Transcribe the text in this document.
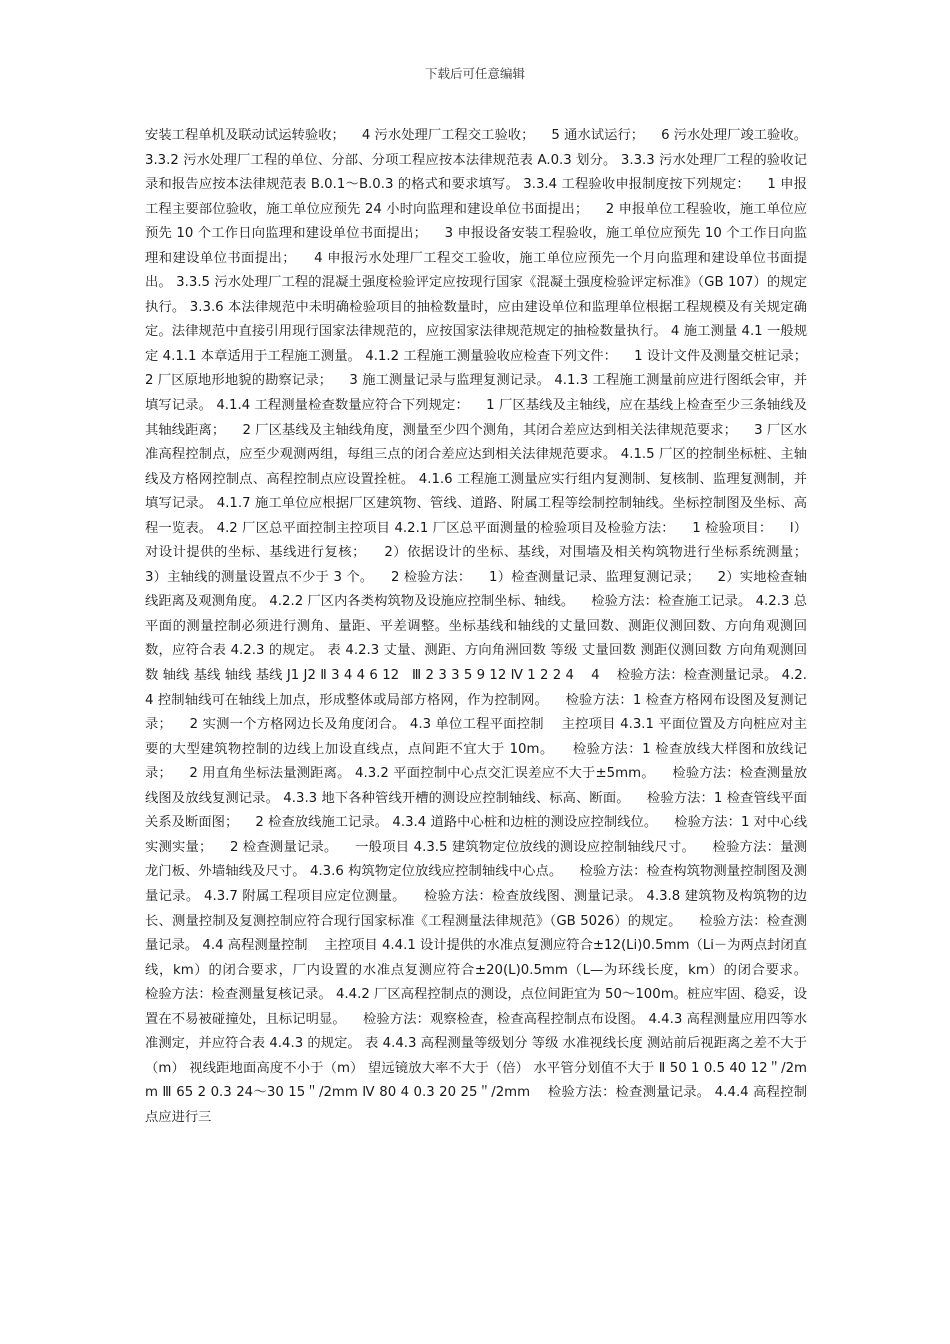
下载后可任意编辑
安装工程单机及联动试运转验收；    4 污水处理厂工程交工验收；    5 通水试运行；    6 污水处理厂竣工验收。 3.3.2 污水处理厂工程的单位、分部、分项工程应按本法律规范表 A.0.3 划分。 3.3.3 污水处理厂工程的验收记录和报告应按本法律规范表 B.0.1～B.0.3 的格式和要求填写。 3.3.4 工程验收申报制度按下列规定：    1 申报工程主要部位验收，施工单位应预先 24 小时向监理和建设单位书面提出；    2 申报单位工程验收，施工单位应预先 10 个工作日向监理和建设单位书面提出；    3 申报设备安装工程验收，施工单位应预先 10 个工作日向监理和建设单位书面提出；    4 申报污水处理厂工程交工验收，施工单位应预先一个月向监理和建设单位书面提出。 3.3.5 污水处理厂工程的混凝土强度检验评定应按现行国家《混凝土强度检验评定标准》（GB 107）的规定执行。 3.3.6 本法律规范中未明确检验项目的抽检数量时，应由建设单位和监理单位根据工程规模及有关规定确定。法律规范中直接引用现行国家法律规范的，应按国家法律规范规定的抽检数量执行。 4 施工测量 4.1 一般规定 4.1.1 本章适用于工程施工测量。 4.1.2 工程施工测量验收应检查下列文件：    1 设计文件及测量交桩记录；    2 厂区原地形地貌的勘察记录；    3 施工测量记录与监理复测记录。 4.1.3 工程施工测量前应进行图纸会审，并填写记录。 4.1.4 工程测量检查数量应符合下列规定：    1 厂区基线及主轴线，应在基线上检查至少三条轴线及其轴线距离；    2 厂区基线及主轴线角度，测量至少四个测角，其闭合差应达到相关法律规范要求；    3 厂区水准高程控制点，应至少观测两组，每组三点的闭合差应达到相关法律规范要求。 4.1.5 厂区的控制坐标桩、主轴线及方格网控制点、高程控制点应设置拴桩。 4.1.6 工程施工测量应实行组内复测制、复核制、监理复测制，并填写记录。 4.1.7 施工单位应根据厂区建筑物、管线、道路、附属工程等绘制控制轴线。坐标控制图及坐标、高程一览表。 4.2 厂区总平面控制主控项目 4.2.1 厂区总平面测量的检验项目及检验方法：    1 检验项目：    l）对设计提供的坐标、基线进行复核；    2）依据设计的坐标、基线，对围墙及相关构筑物进行坐标系统测量；    3）主轴线的测量设置点不少于 3 个。    2 检验方法：    1）检查测量记录、监理复测记录；    2）实地检查轴线距离及观测角度。 4.2.2 厂区内各类构筑物及设施应控制坐标、轴线。    检验方法：检查施工记录。 4.2.3 总平面的测量控制必须进行测角、量距、平差调整。坐标基线和轴线的丈量回数、测距仪测回数、方向角观测回数，应符合表 4.2.3 的规定。 表 4.2.3 丈量、测距、方向角洲回数 等级 丈量回数 测距仪测回数 方向角观测回数 轴线 基线 轴线 基线 J1 J2 Ⅱ 3 4 4 6 12   Ⅲ 2 3 3 5 9 12 Ⅳ 1 2 2 4    4    检验方法：检查测量记录。 4.2.4 控制轴线可在轴线上加点，形成整体或局部方格网，作为控制网。    检验方法：1 检查方格网布设图及复测记录；    2 实测一个方格网边长及角度闭合。 4.3 单位工程平面控制    主控项目 4.3.1 平面位置及方向桩应对主要的大型建筑物控制的边线上加设直线点，点间距不宜大于 10m。    检验方法：1 检查放线大样图和放线记录；    2 用直角坐标法量测距离。 4.3.2 平面控制中心点交汇误差应不大于±5mm。    检验方法：检查测量放线图及放线复测记录。 4.3.3 地下各种管线开槽的测设应控制轴线、标高、断面。    检验方法：1 检查管线平面关系及断面图；    2 检查放线施工记录。 4.3.4 道路中心桩和边桩的测设应控制线位。    检验方法：1 对中心线实测实量；    2 检查测量记录。    一般项目 4.3.5 建筑物定位放线的测设应控制轴线尺寸。    检验方法：量测龙门板、外墙轴线及尺寸。 4.3.6 构筑物定位放线应控制轴线中心点。    检验方法：检查构筑物测量控制图及测量记录。 4.3.7 附属工程项目应定位测量。    检验方法：检查放线图、测量记录。 4.3.8 建筑物及构筑物的边长、测量控制及复测控制应符合现行国家标准《工程测量法律规范》（GB 5026）的规定。    检验方法：检查测量记录。 4.4 高程测量控制    主控项目 4.4.1 设计提供的水准点复测应符合±12(Li)0.5mm（Li－为两点封闭直线，km）的闭合要求，厂内设置的水准点复测应符合±20(L)0.5mm（L—为环线长度，km）的闭合要求。    检验方法：检查测量复核记录。 4.4.2 厂区高程控制点的测设，点位间距宜为 50～100m。桩应牢固、稳妥，设置在不易被碰撞处，且标记明显。    检验方法：观察检查，检查高程控制点布设图。 4.4.3 高程测量应用四等水准测定，并应符合表 4.4.3 的规定。 表 4.4.3 高程测量等级划分 等级 水准视线长度 测站前后视距离之差不大于（m） 视线距地面高度不小于（m） 望远镜放大率不大于（倍） 水平管分划值不大于 Ⅱ 50 1 0.5 40 12＂/2mm Ⅲ 65 2 0.3 24～30 15＂/2mm Ⅳ 80 4 0.3 20 25＂/2mm    检验方法：检查测量记录。 4.4.4 高程控制点应进行三
